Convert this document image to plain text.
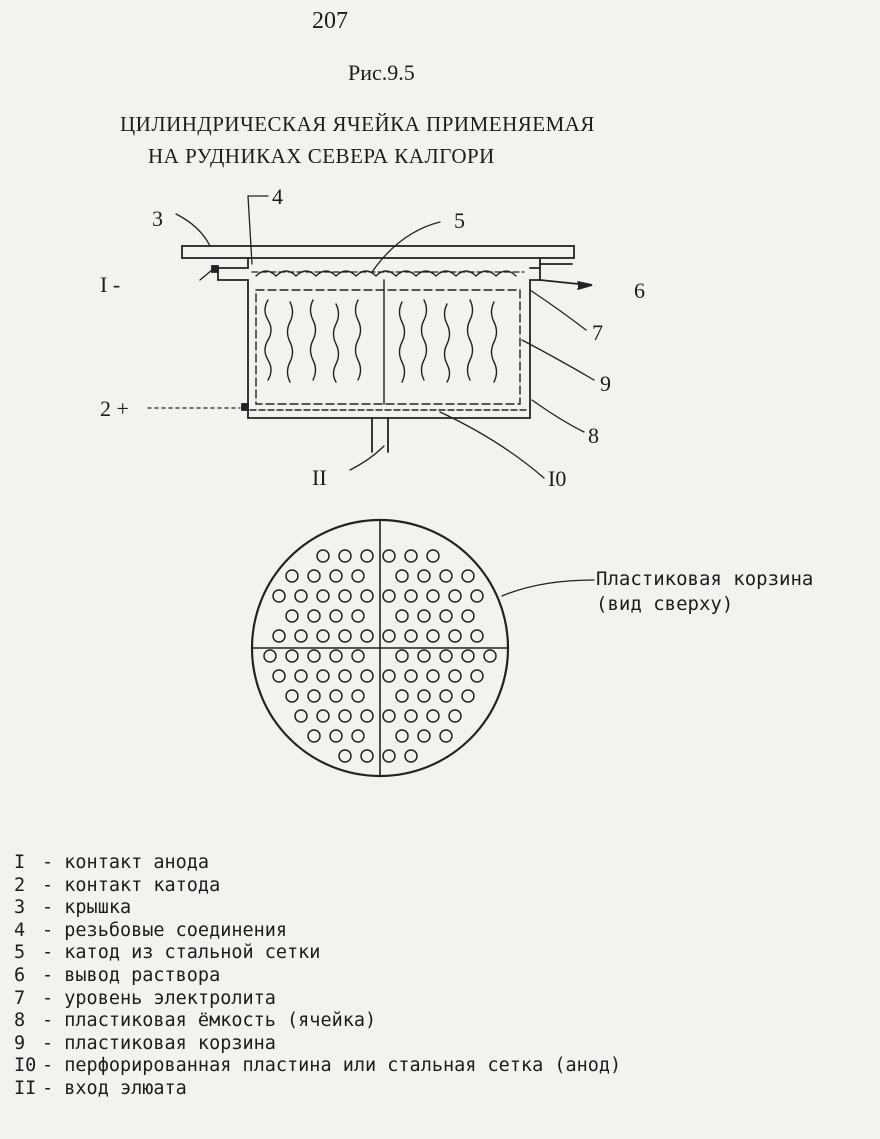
207
Рис.9.5
ЦИЛИНДРИЧЕСКАЯ ЯЧЕЙКА ПРИМЕНЯЕМАЯ
НА РУДНИКАХ СЕВЕРА КАЛГОРИ
I -
2 +
3
4
5
6
7
9
8
I0
II
Пластиковая корзина
(вид сверху)
I - контакт анода
2 - контакт катода
3 - крышка
4 - резьбовые соединения
5 - катод из стальной сетки
6 - вывод раствора
7 - уровень электролита
8 - пластиковая ёмкость (ячейка)
9 - пластиковая корзина
I0 - перфорированная пластина или стальная сетка (анод)
II - вход элюата
